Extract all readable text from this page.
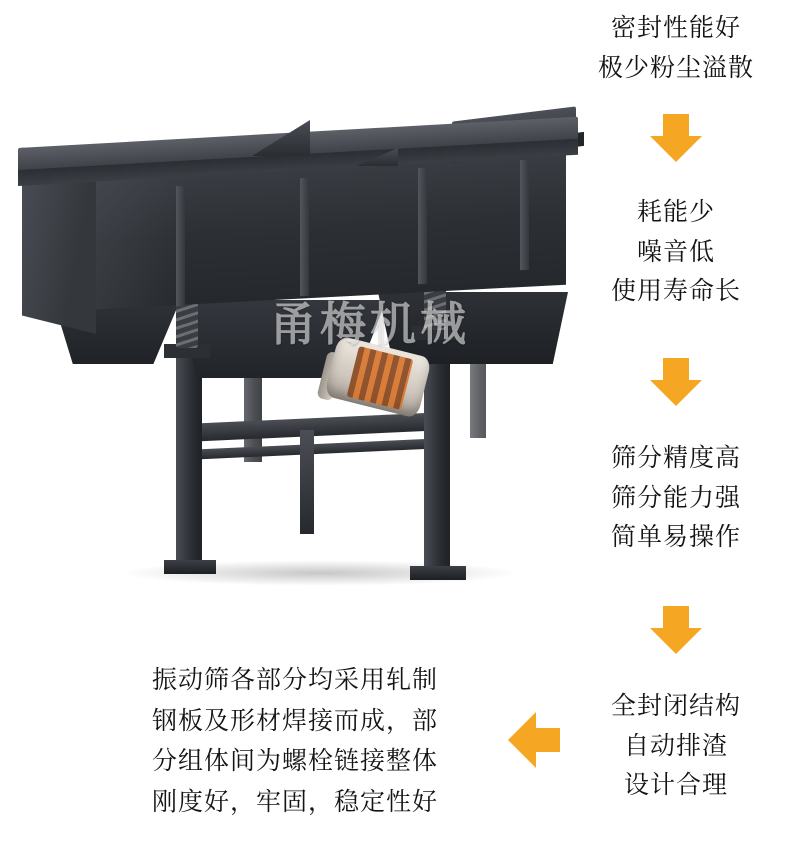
甬梅机械
密封性能好
极少粉尘溢散
耗能少
噪音低
使用寿命长
筛分精度高
筛分能力强
简单易操作
全封闭结构
自动排渣
设计合理
振动筛各部分均采用轧制
钢板及形材焊接而成，部
分组体间为螺栓链接整体
刚度好，牢固，稳定性好
